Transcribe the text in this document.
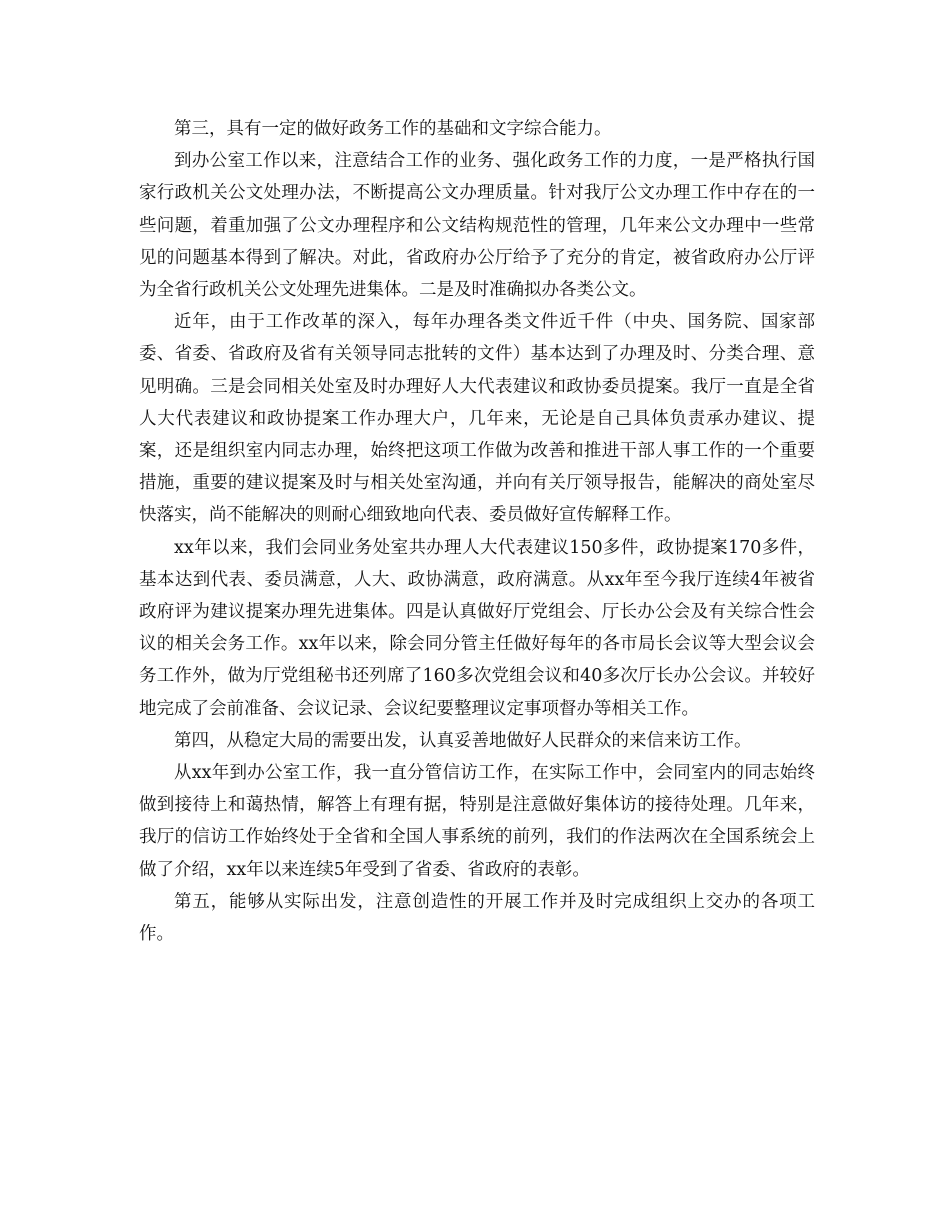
第三，具有一定的做好政务工作的基础和文字综合能力。

到办公室工作以来，注意结合工作的业务、强化政务工作的力度，一是严格执行国家行政机关公文处理办法，不断提高公文办理质量。针对我厅公文办理工作中存在的一些问题，着重加强了公文办理程序和公文结构规范性的管理，几年来公文办理中一些常见的问题基本得到了解决。对此，省政府办公厅给予了充分的肯定，被省政府办公厅评为全省行政机关公文处理先进集体。二是及时准确拟办各类公文。

近年，由于工作改革的深入，每年办理各类文件近千件（中央、国务院、国家部委、省委、省政府及省有关领导同志批转的文件）基本达到了办理及时、分类合理、意见明确。三是会同相关处室及时办理好人大代表建议和政协委员提案。我厅一直是全省人大代表建议和政协提案工作办理大户，几年来，无论是自己具体负责承办建议、提案，还是组织室内同志办理，始终把这项工作做为改善和推进干部人事工作的一个重要措施，重要的建议提案及时与相关处室沟通，并向有关厅领导报告，能解决的商处室尽快落实，尚不能解决的则耐心细致地向代表、委员做好宣传解释工作。

xx年以来，我们会同业务处室共办理人大代表建议150多件，政协提案170多件，基本达到代表、委员满意，人大、政协满意，政府满意。从xx年至今我厅连续4年被省政府评为建议提案办理先进集体。四是认真做好厅党组会、厅长办公会及有关综合性会议的相关会务工作。xx年以来，除会同分管主任做好每年的各市局长会议等大型会议会务工作外，做为厅党组秘书还列席了160多次党组会议和40多次厅长办公会议。并较好地完成了会前准备、会议记录、会议纪要整理议定事项督办等相关工作。

第四，从稳定大局的需要出发，认真妥善地做好人民群众的来信来访工作。

从xx年到办公室工作，我一直分管信访工作，在实际工作中，会同室内的同志始终做到接待上和蔼热情，解答上有理有据，特别是注意做好集体访的接待处理。几年来，我厅的信访工作始终处于全省和全国人事系统的前列，我们的作法两次在全国系统会上做了介绍，xx年以来连续5年受到了省委、省政府的表彰。

第五，能够从实际出发，注意创造性的开展工作并及时完成组织上交办的各项工作。
